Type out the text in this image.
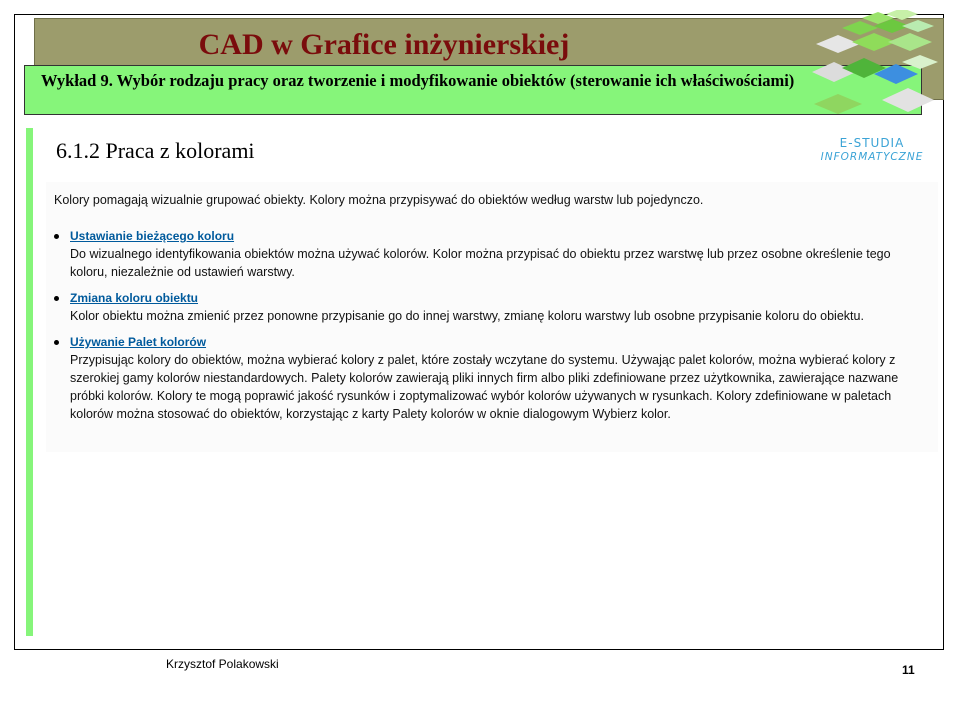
CAD w Grafice inżynierskiej
Wykład 9. Wybór rodzaju pracy oraz tworzenie i modyfikowanie obiektów (sterowanie ich właściwościami)
E-STUDIA
INFORMATYCZNE
6.1.2 Praca z kolorami

Kolory pomagają wizualnie grupować obiekty. Kolory można przypisywać do obiektów według warstw lub pojedynczo.

Ustawianie bieżącego koloru
Do wizualnego identyfikowania obiektów można używać kolorów. Kolor można przypisać do obiektu przez warstwę lub przez osobne określenie tego koloru, niezależnie od ustawień warstwy.
Zmiana koloru obiektu
Kolor obiektu można zmienić przez ponowne przypisanie go do innej warstwy, zmianę koloru warstwy lub osobne przypisanie koloru do obiektu.
Używanie Palet kolorów
Przypisując kolory do obiektów, można wybierać kolory z palet, które zostały wczytane do systemu. Używając palet kolorów, można wybierać kolory z szerokiej gamy kolorów niestandardowych. Palety kolorów zawierają pliki innych firm albo pliki zdefiniowane przez użytkownika, zawierające nazwane próbki kolorów. Kolory te mogą poprawić jakość rysunków i zoptymalizować wybór kolorów używanych w rysunkach. Kolory zdefiniowane w paletach kolorów można stosować do obiektów, korzystając z karty Palety kolorów w oknie dialogowym Wybierz kolor.
Krzysztof Polakowski	11
